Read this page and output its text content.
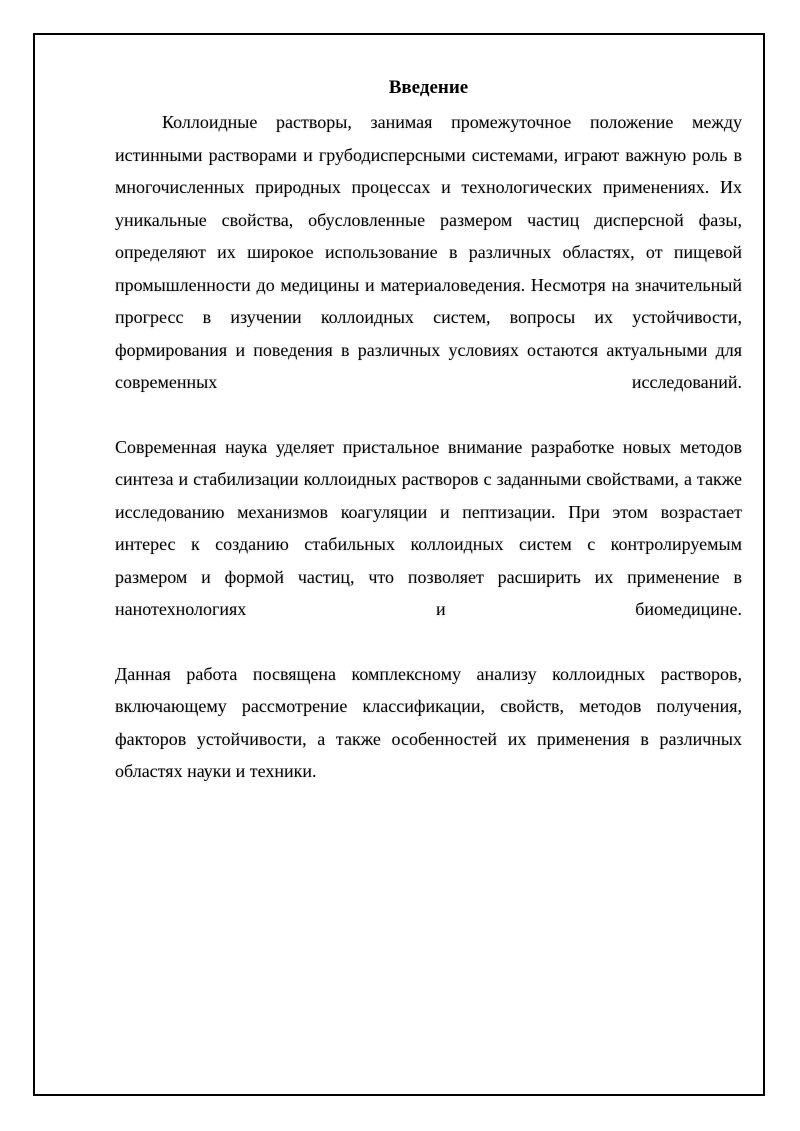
Введение

Коллоидные растворы, занимая промежуточное положение между истинными растворами и грубодисперсными системами, играют важную роль в многочисленных природных процессах и технологических применениях. Их уникальные свойства, обусловленные размером частиц дисперсной фазы, определяют их широкое использование в различных областях, от пищевой промышленности до медицины и материаловедения. Несмотря на значительный прогресс в изучении коллоидных систем, вопросы их устойчивости, формирования и поведения в различных условиях остаются актуальными для современных исследований.

Современная наука уделяет пристальное внимание разработке новых методов синтеза и стабилизации коллоидных растворов с заданными свойствами, а также исследованию механизмов коагуляции и пептизации. При этом возрастает интерес к созданию стабильных коллоидных систем с контролируемым размером и формой частиц, что позволяет расширить их применение в нанотехнологиях и биомедицине.

Данная работа посвящена комплексному анализу коллоидных растворов, включающему рассмотрение классификации, свойств, методов получения, факторов устойчивости, а также особенностей их применения в различных областях науки и техники.
